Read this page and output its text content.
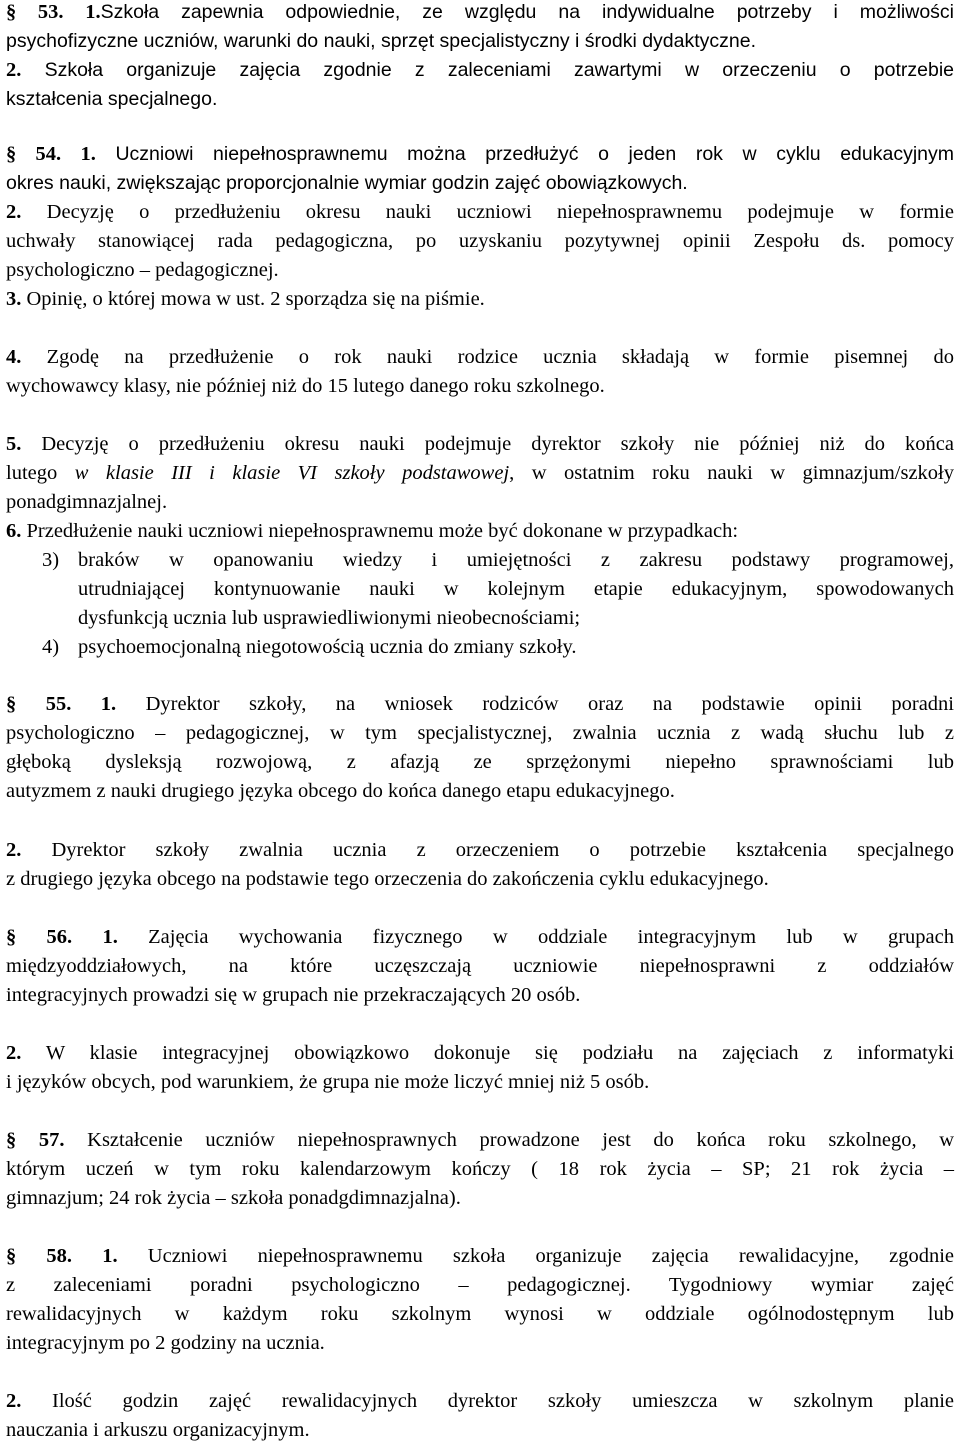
§ 53. 1.Szkoła zapewnia odpowiednie, ze względu na indywidualne potrzeby i możliwości
psychofizyczne uczniów, warunki do nauki, sprzęt specjalistyczny i środki dydaktyczne.
2. Szkoła organizuje zajęcia zgodnie z zaleceniami zawartymi w orzeczeniu o potrzebie
kształcenia specjalnego.
§ 54. 1. Uczniowi niepełnosprawnemu można przedłużyć o jeden rok w cyklu edukacyjnym
okres nauki, zwiększając proporcjonalnie wymiar godzin zajęć obowiązkowych.
2. Decyzję o przedłużeniu okresu nauki uczniowi niepełnosprawnemu podejmuje w formie
uchwały stanowiącej rada pedagogiczna, po uzyskaniu pozytywnej opinii Zespołu ds. pomocy
psychologiczno – pedagogicznej.
3. Opinię, o której mowa w ust. 2 sporządza się na piśmie.
4. Zgodę na przedłużenie o rok nauki rodzice ucznia składają w formie pisemnej do
wychowawcy klasy, nie później niż do 15 lutego danego roku szkolnego.
5. Decyzję o przedłużeniu okresu nauki podejmuje dyrektor szkoły nie później niż do końca
lutego w klasie III i klasie VI szkoły podstawowej, w ostatnim roku nauki w gimnazjum/szkoły
ponadgimnazjalnej.
6. Przedłużenie nauki uczniowi niepełnosprawnemu może być dokonane w przypadkach:
3) braków w opanowaniu wiedzy i umiejętności z zakresu podstawy programowej,
utrudniającej kontynuowanie nauki w kolejnym etapie edukacyjnym, spowodowanych
dysfunkcją ucznia lub usprawiedliwionymi nieobecnościami;
4) psychoemocjonalną niegotowością ucznia do zmiany szkoły.
§ 55. 1. Dyrektor szkoły, na wniosek rodziców oraz na podstawie opinii poradni
psychologiczno – pedagogicznej, w tym specjalistycznej, zwalnia ucznia z wadą słuchu lub z
głęboką dysleksją rozwojową, z afazją ze sprzężonymi niepełno sprawnościami lub
autyzmem z nauki drugiego języka obcego do końca danego etapu edukacyjnego.
2. Dyrektor szkoły zwalnia ucznia z orzeczeniem o potrzebie kształcenia specjalnego
z drugiego języka obcego na podstawie tego orzeczenia do zakończenia cyklu edukacyjnego.
§ 56. 1. Zajęcia wychowania fizycznego w oddziale integracyjnym lub w grupach
międzyoddziałowych, na które uczęszczają uczniowie niepełnosprawni z oddziałów
integracyjnych prowadzi się w grupach nie przekraczających 20 osób.
2. W klasie integracyjnej obowiązkowo dokonuje się podziału na zajęciach z informatyki
i języków obcych, pod warunkiem, że grupa nie może liczyć mniej niż 5 osób.
§ 57. Kształcenie uczniów niepełnosprawnych prowadzone jest do końca roku szkolnego, w
którym uczeń w tym roku kalendarzowym kończy ( 18 rok życia – SP; 21 rok życia –
gimnazjum; 24 rok życia – szkoła ponadgdimnazjalna).
§ 58. 1. Uczniowi niepełnosprawnemu szkoła organizuje zajęcia rewalidacyjne, zgodnie
z zaleceniami poradni psychologiczno – pedagogicznej. Tygodniowy wymiar zajęć
rewalidacyjnych w każdym roku szkolnym wynosi w oddziale ogólnodostępnym lub
integracyjnym po 2 godziny na ucznia.
2. Ilość godzin zajęć rewalidacyjnych dyrektor szkoły umieszcza w szkolnym planie
nauczania i arkuszu organizacyjnym.
